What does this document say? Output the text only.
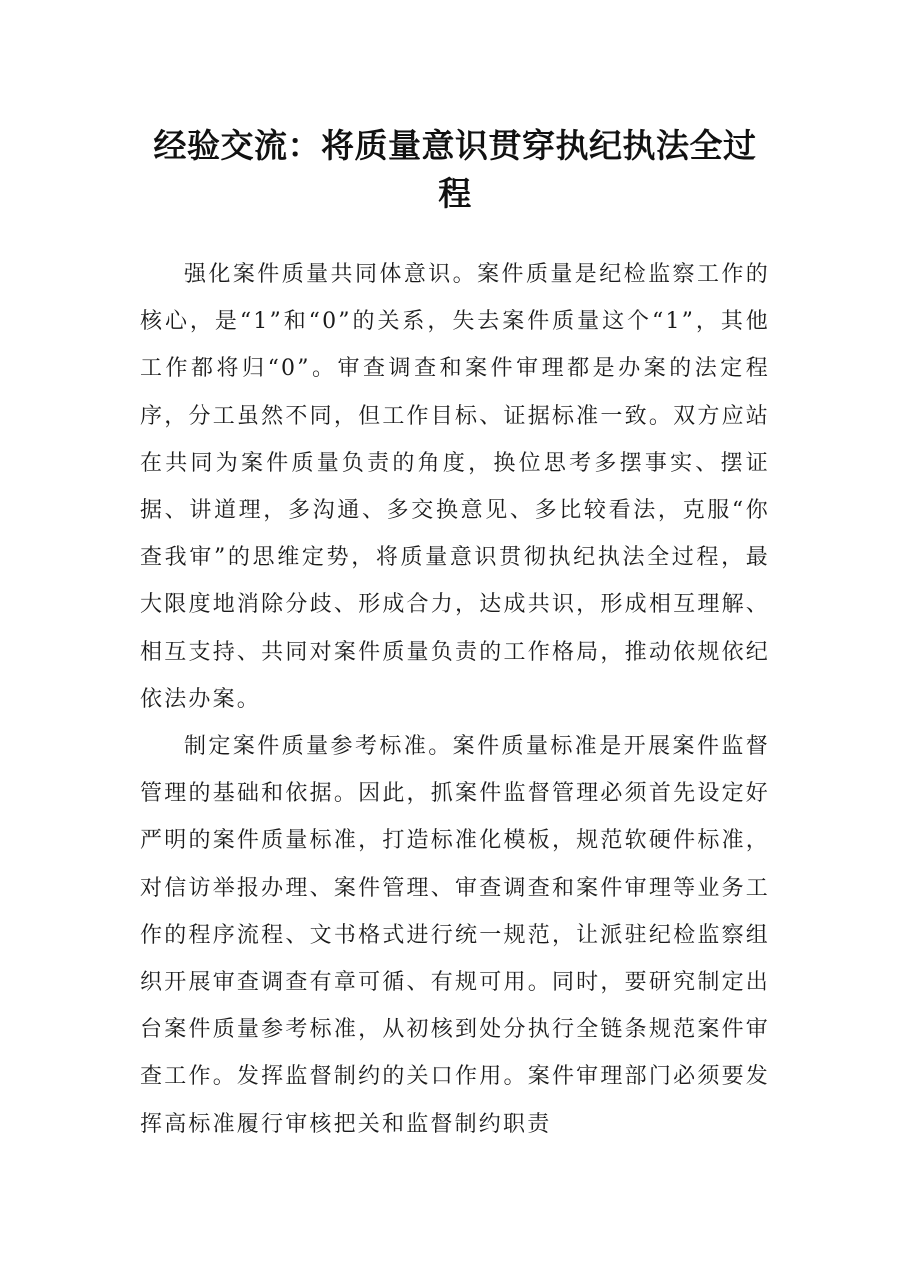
经验交流：将质量意识贯穿执纪执法全过程

强化案件质量共同体意识。案件质量是纪检监察工作的核心，是“1”和“0”的关系，失去案件质量这个“1”，其他工作都将归“0”。审查调查和案件审理都是办案的法定程序，分工虽然不同，但工作目标、证据标准一致。双方应站在共同为案件质量负责的角度，换位思考多摆事实、摆证据、讲道理，多沟通、多交换意见、多比较看法，克服“你查我审”的思维定势，将质量意识贯彻执纪执法全过程，最大限度地消除分歧、形成合力，达成共识，形成相互理解、相互支持、共同对案件质量负责的工作格局，推动依规依纪依法办案。

制定案件质量参考标准。案件质量标准是开展案件监督管理的基础和依据。因此，抓案件监督管理必须首先设定好严明的案件质量标准，打造标准化模板，规范软硬件标准，对信访举报办理、案件管理、审查调查和案件审理等业务工作的程序流程、文书格式进行统一规范，让派驻纪检监察组织开展审查调查有章可循、有规可用。同时，要研究制定出台案件质量参考标准，从初核到处分执行全链条规范案件审查工作。发挥监督制约的关口作用。案件审理部门必须要发挥高标准履行审核把关和监督制约职责
